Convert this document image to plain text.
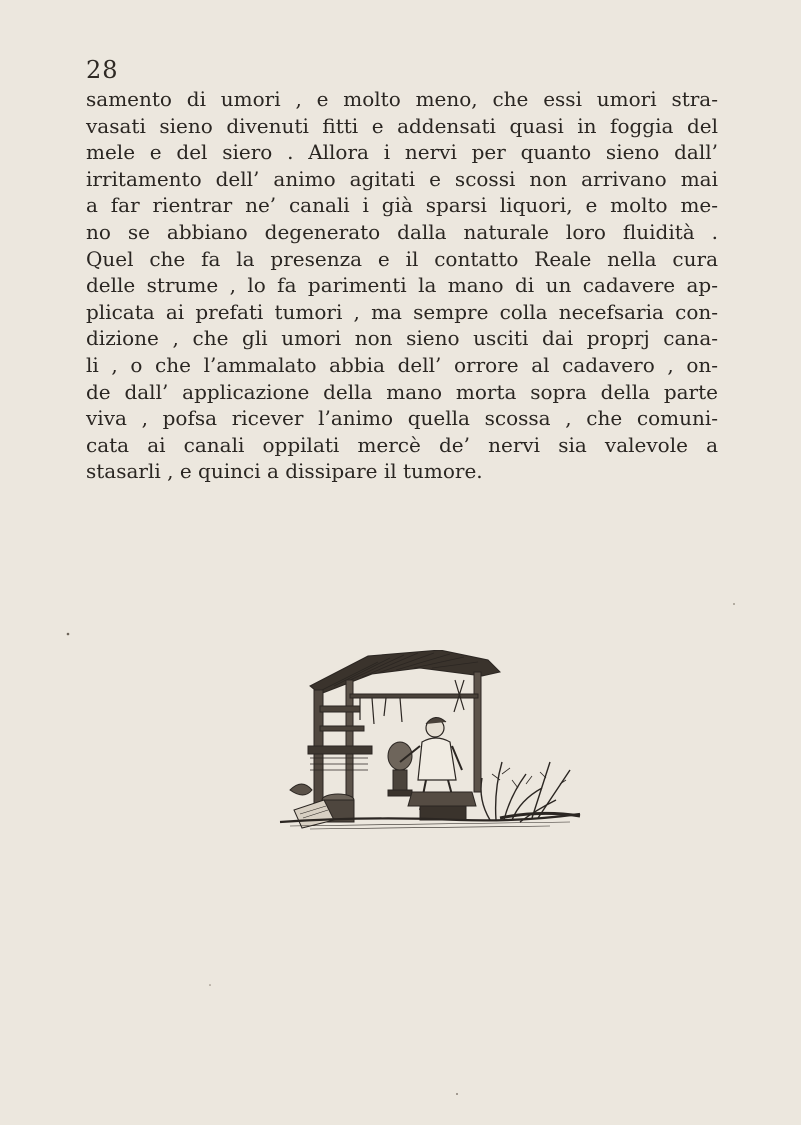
28
samento di umori , e molto meno, che essi umori stra-
vasati sieno divenuti fitti e addensati quasi in foggia del
mele e del siero . Allora i nervi per quanto sieno dall’
irritamento dell’ animo agitati e scossi non arrivano mai
a far rientrar ne’ canali i già sparsi liquori, e molto me-
no se abbiano degenerato dalla naturale loro fluidità .
Quel che fa la presenza e il contatto Reale nella cura
delle strume , lo fa parimenti la mano di un cadavere ap-
plicata ai prefati tumori , ma sempre colla necefsaria con-
dizione , che gli umori non sieno usciti dai proprj cana-
li , o che l’ammalato abbia dell’ orrore al cadavero , on-
de dall’ applicazione della mano morta sopra della parte
viva , pofsa ricever l’animo quella scossa , che comuni-
cata ai canali oppilati mercè de’ nervi sia valevole a
stasarli , e quinci a dissipare il tumore.
